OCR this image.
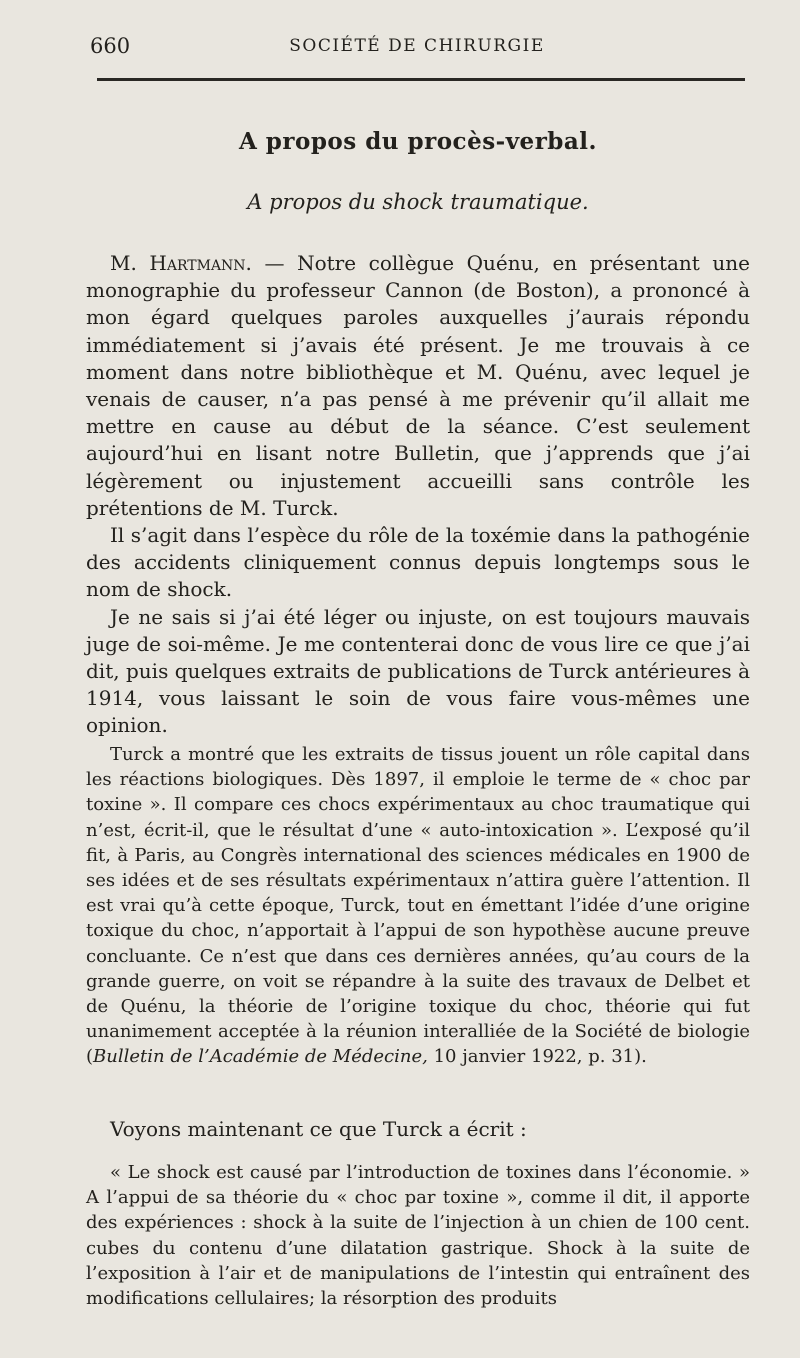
660	SOCIÉTÉ DE CHIRURGIE
A propos du procès-verbal.
A propos du shock traumatique.

M. Hartmann. — Notre collègue Quénu, en présentant une monographie du professeur Cannon (de Boston), a prononcé à mon égard quelques paroles auxquelles j’aurais répondu immédiatement si j’avais été présent. Je me trouvais à ce moment dans notre bibliothèque et M. Quénu, avec lequel je venais de causer, n’a pas pensé à me prévenir qu’il allait me mettre en cause au début de la séance. C’est seulement aujourd’hui en lisant notre Bulletin, que j’apprends que j’ai légèrement ou injustement accueilli sans contrôle les prétentions de M. Turck.

Il s’agit dans l’espèce du rôle de la toxémie dans la pathogénie des accidents cliniquement connus depuis longtemps sous le nom de shock.

Je ne sais si j’ai été léger ou injuste, on est toujours mauvais juge de soi-même. Je me contenterai donc de vous lire ce que j’ai dit, puis quelques extraits de publications de Turck antérieures à 1914, vous laissant le soin de vous faire vous-mêmes une opinion.

Turck a montré que les extraits de tissus jouent un rôle capital dans les réactions biologiques. Dès 1897, il emploie le terme de « choc par toxine ». Il compare ces chocs expérimentaux au choc traumatique qui n’est, écrit-il, que le résultat d’une « auto-intoxication ». L’exposé qu’il fit, à Paris, au Congrès international des sciences médicales en 1900 de ses idées et de ses résultats expérimentaux n’attira guère l’attention. Il est vrai qu’à cette époque, Turck, tout en émettant l’idée d’une origine toxique du choc, n’apportait à l’appui de son hypothèse aucune preuve concluante. Ce n’est que dans ces dernières années, qu’au cours de la grande guerre, on voit se répandre à la suite des travaux de Delbet et de Quénu, la théorie de l’origine toxique du choc, théorie qui fut unanimement acceptée à la réunion interalliée de la Société de biologie (Bulletin de l’Académie de Médecine, 10 janvier 1922, p. 31).

Voyons maintenant ce que Turck a écrit :

« Le shock est causé par l’introduction de toxines dans l’économie. » A l’appui de sa théorie du « choc par toxine », comme il dit, il apporte des expériences : shock à la suite de l’injection à un chien de 100 cent. cubes du contenu d’une dilatation gastrique. Shock à la suite de l’exposition à l’air et de manipulations de l’intestin qui entraînent des modifications cellulaires; la résorption des produits
